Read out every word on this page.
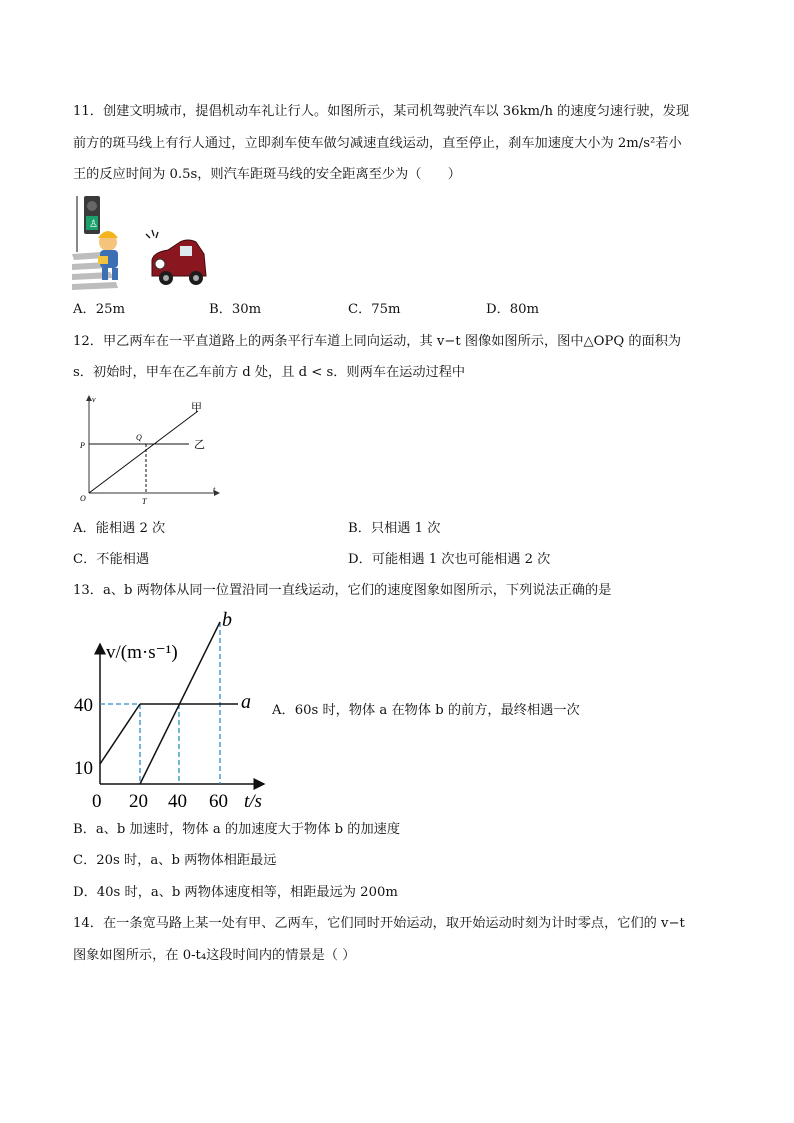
11．创建文明城市，提倡机动车礼让行人。如图所示，某司机驾驶汽车以 36km/h 的速度匀速行驶，发现
前方的斑马线上有行人通过，立即刹车使车做匀减速直线运动，直至停止，刹车加速度大小为 2m/s²若小
王的反应时间为 0.5s，则汽车距斑马线的安全距离至少为（　　）
♙
A．25m	B．30m	C．75m	D．80m
12．甲乙两车在一平直道路上的两条平行车道上同向运动，其 v−t 图像如图所示，图中△OPQ 的面积为
s．初始时，甲车在乙车前方 d 处，且 d < s．则两车在运动过程中
v
t
P
Q
O	T
甲
乙
A．能相遇 2 次	B．只相遇 1 次
C．不能相遇	D．可能相遇 1 次也可能相遇 2 次
13．a、b 两物体从同一位置沿同一直线运动，它们的速度图象如图所示，下列说法正确的是
v/(m·s⁻¹)
40
10
0 20 40 60 t/s
a
b
A．60s 时，物体 a 在物体 b 的前方，最终相遇一次
B．a、b 加速时，物体 a 的加速度大于物体 b 的加速度
C．20s 时，a、b 两物体相距最远
D．40s 时，a、b 两物体速度相等，相距最远为 200m
14．在一条宽马路上某一处有甲、乙两车，它们同时开始运动，取开始运动时刻为计时零点，它们的 v−t
图象如图所示，在 0-t₄这段时间内的情景是（ ）
